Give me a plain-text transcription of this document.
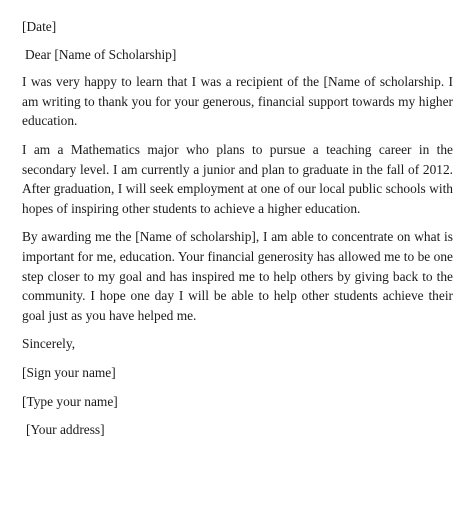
[Date]
Dear [Name of Scholarship]

I was very happy to learn that I was a recipient of the [Name of scholarship. I am writing to thank you for your generous, financial support towards my higher education.

I am a Mathematics major who plans to pursue a teaching career in the secondary level. I am currently a junior and plan to graduate in the fall of 2012. After graduation, I will seek employment at one of our local public schools with hopes of inspiring other students to achieve a higher education.

By awarding me the [Name of scholarship], I am able to concentrate on what is important for me, education. Your financial generosity has allowed me to be one step closer to my goal and has inspired me to help others by giving back to the community. I hope one day I will be able to help other students achieve their goal just as you have helped me.

Sincerely,
[Sign your name]
[Type your name]
[Your address]
